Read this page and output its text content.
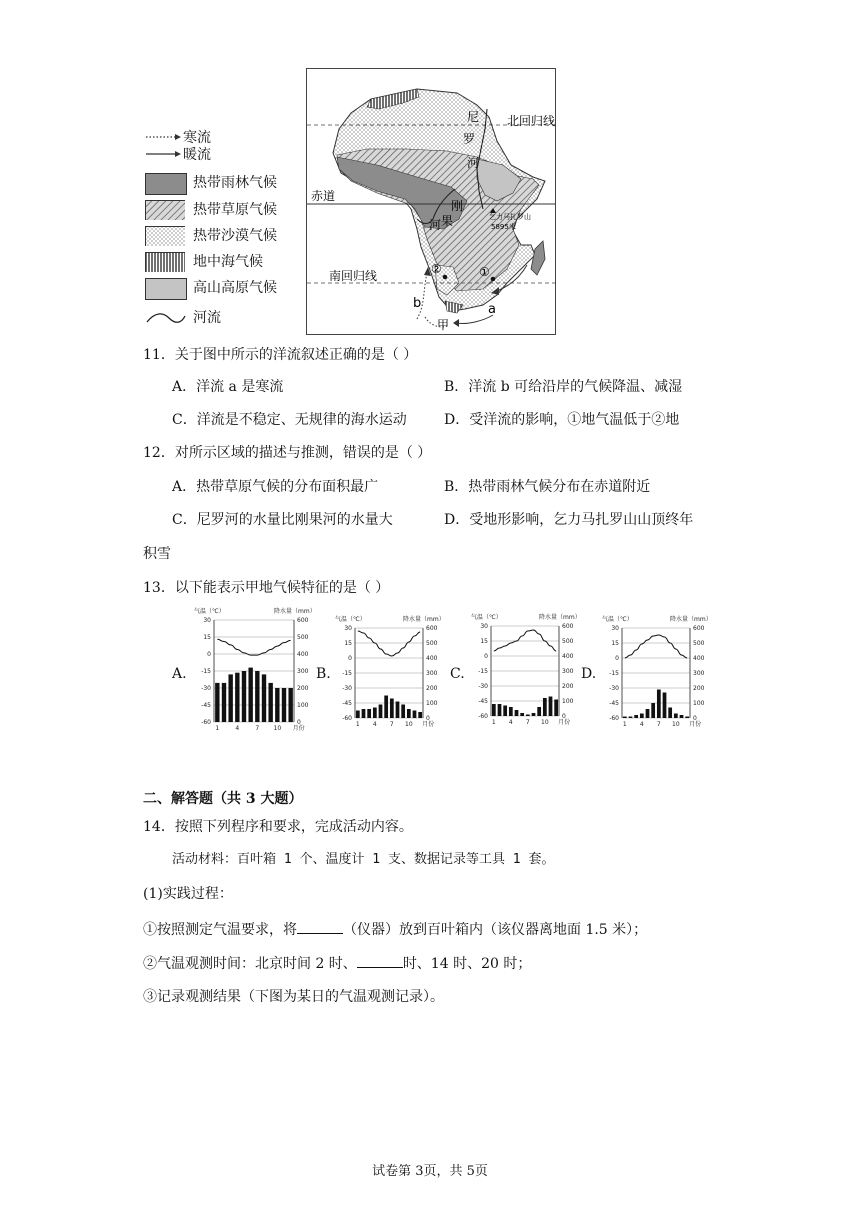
寒流
暖流
热带雨林气候
热带草原气候
热带沙漠气候
地中海气候
高山高原气候
河流
北回归线
赤道
南回归线
尼
罗
河
刚
果
河
乞力马扎罗山
5895米
①
②
a
b
甲
11．关于图中所示的洋流叙述正确的是（ ）
A．洋流 a 是寒流	B．洋流 b 可给沿岸的气候降温、减湿
C．洋流是不稳定、无规律的海水运动	D．受洋流的影响，①地气温低于②地
12．对所示区域的描述与推测，错误的是（ ）
A．热带草原气候的分布面积最广	B．热带雨林气候分布在赤道附近
C．尼罗河的水量比刚果河的水量大	D．受地形影响，乞力马扎罗山山顶终年
积雪
13．以下能表示甲地气候特征的是（ ）
A.	B.	C.	D.
气温（℃）	降水量（mm）
30	600
15	500
0	400
-15	300
-30	200
-45	100
-60	0
1	4	7 10 月份
气温（℃）	降水量（mm）
30	600
15	500
0	400
-15	300
-30	200
-45	100
-60	0
1 4 7 10 月份
气温（℃）	降水量（mm）
30	600
15	500
0	400
-15	300
-30	200
-45	100
-60	0
1 4 7 10 月份
气温（℃）	降水量（mm）
30	600
15	500
0	400
-15	300
-30	200
-45	100
-60	0
1 4 7 10 月份
二、解答题（共 3 大题）
14．按照下列程序和要求，完成活动内容。
活动材料：百叶箱 1 个、温度计 1 支、数据记录等工具 1 套。
(1)实践过程：
①按照测定气温要求，将	（仪器）放到百叶箱内（该仪器离地面 1.5 米）；
②气温观测时间：北京时间 2 时、	时、14 时、20 时；
③记录观测结果（下图为某日的气温观测记录）。
试卷第 3页，共 5页
